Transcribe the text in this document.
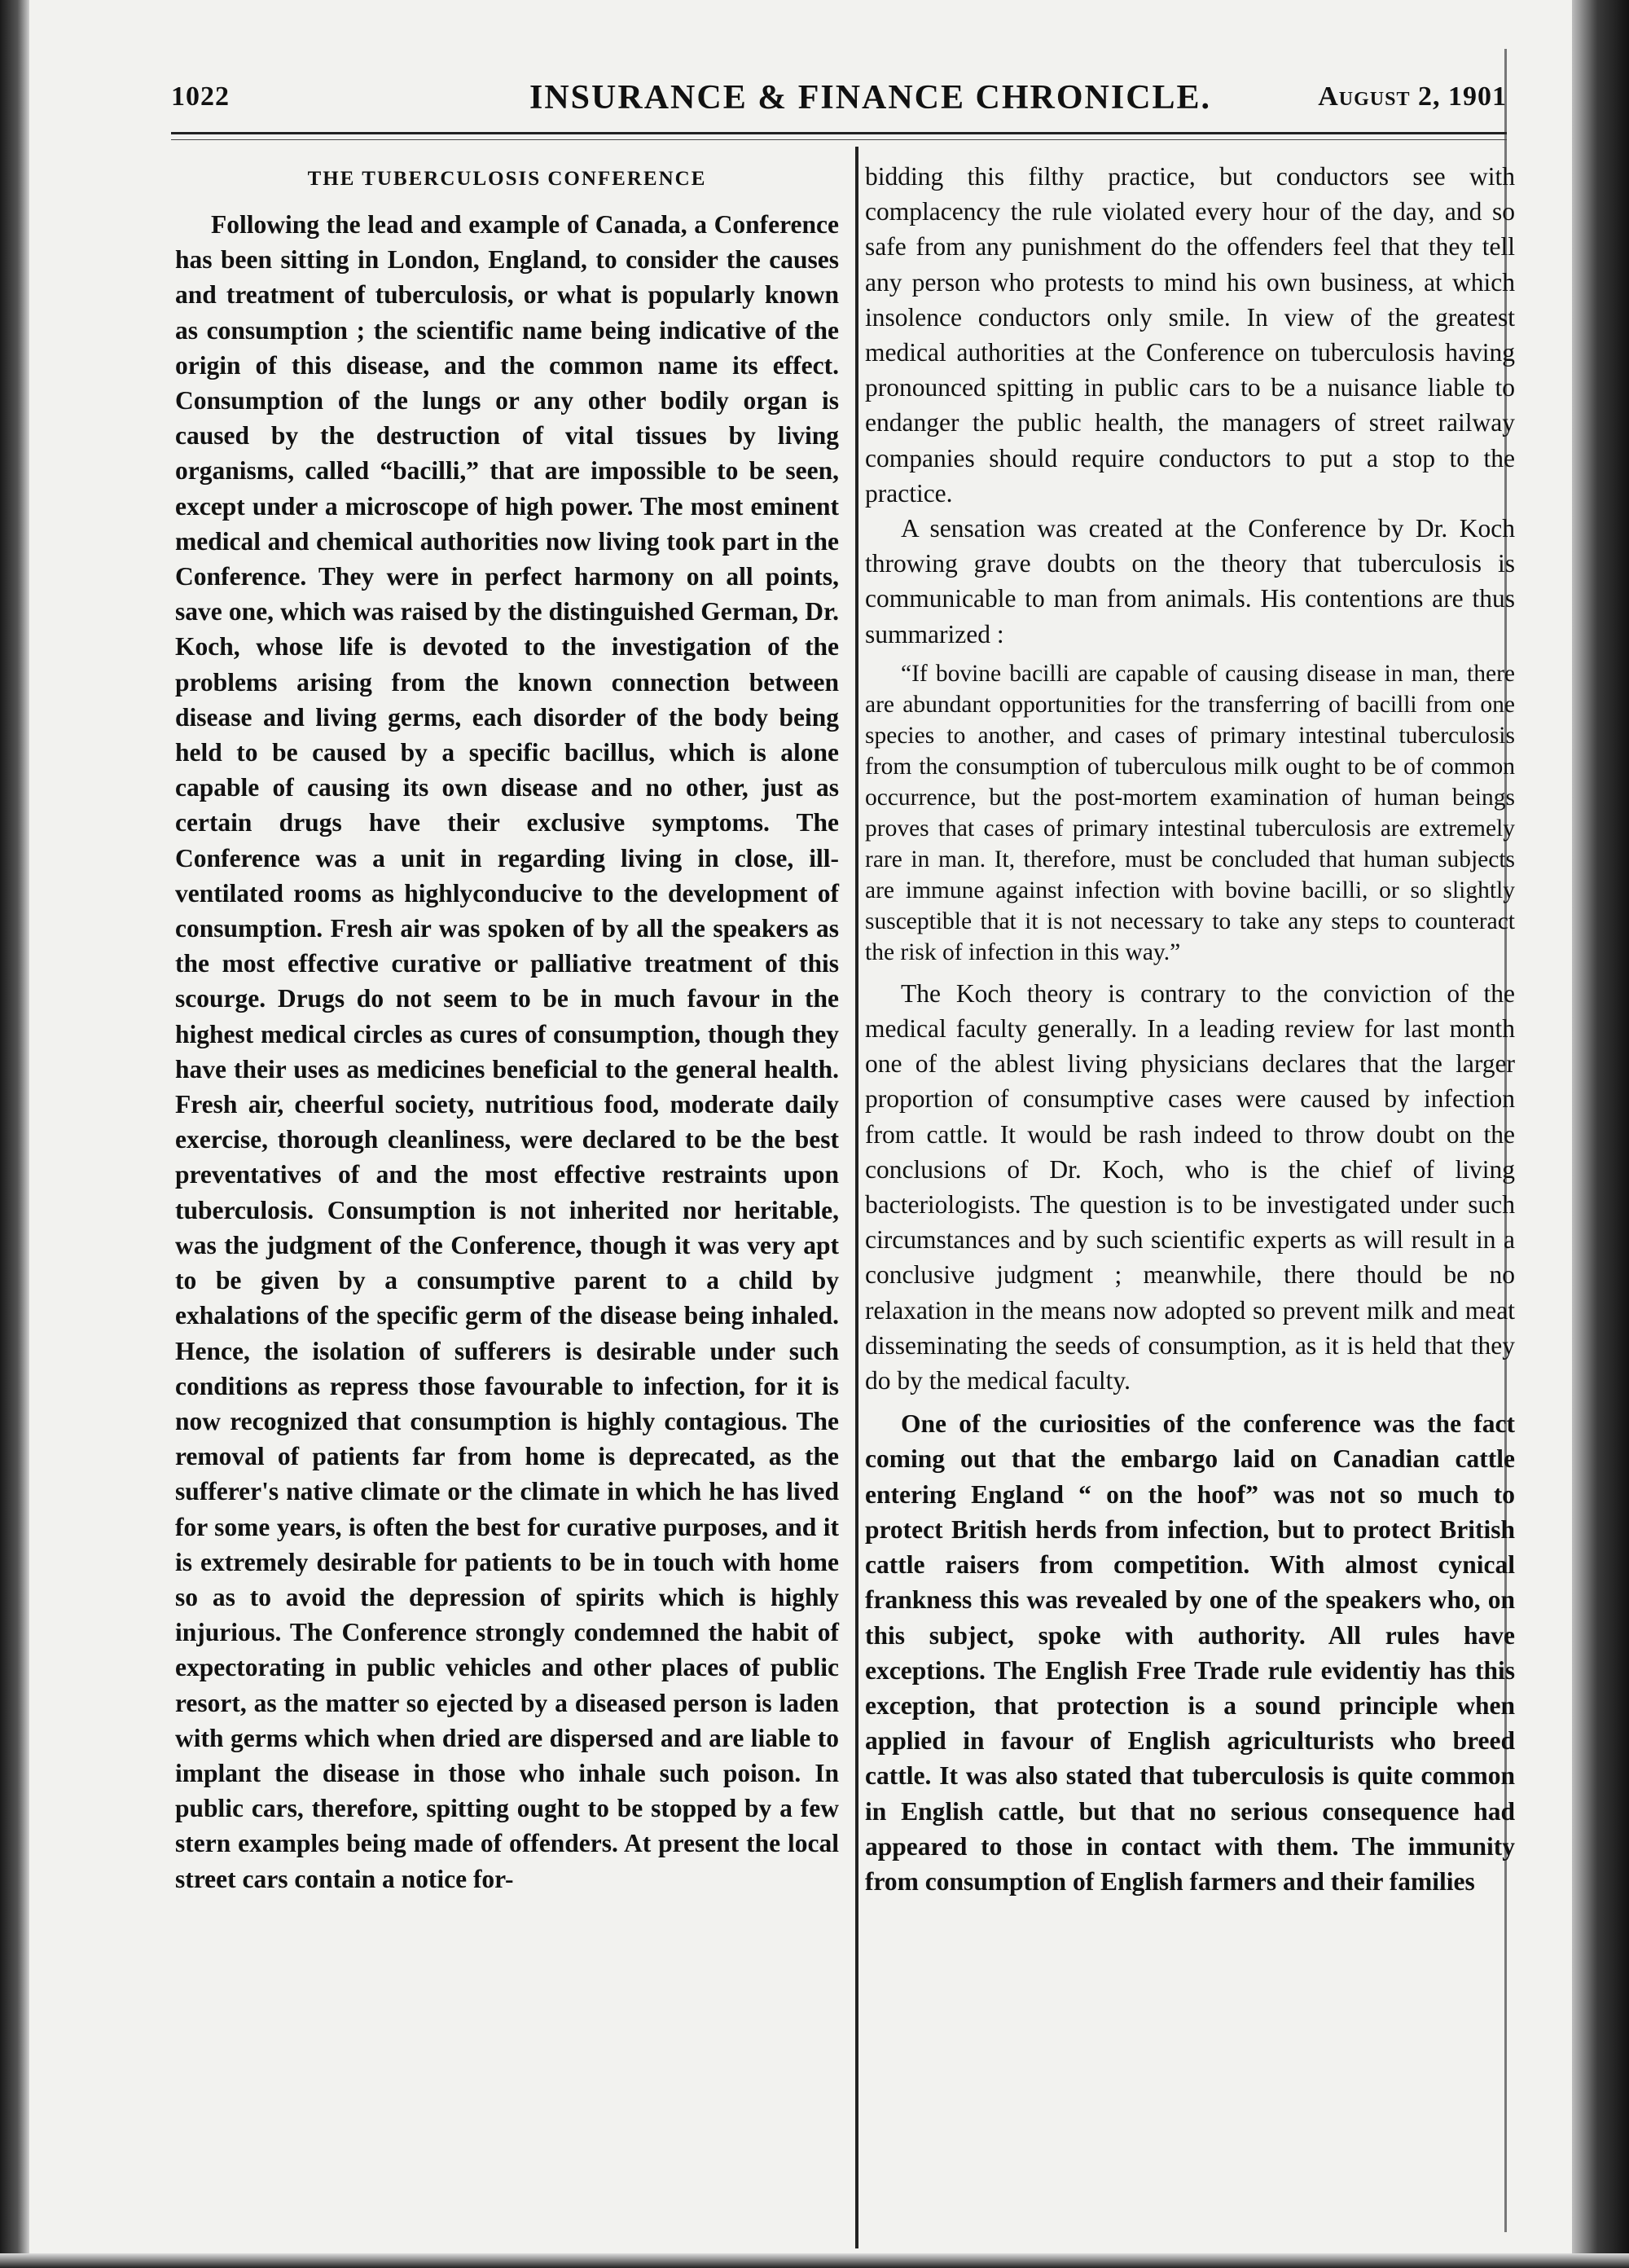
1022	INSURANCE & FINANCE CHRONICLE.	August 2, 1901

THE TUBERCULOSIS CONFERENCE

Following the lead and example of Canada, a Conference has been sitting in London, England, to consider the causes and treatment of tuberculosis, or what is popularly known as consumption ; the scientific name being indicative of the origin of this disease, and the common name its effect. Consumption of the lungs or any other bodily organ is caused by the destruction of vital tissues by living organisms, called “bacilli,” that are impossible to be seen, except under a microscope of high power. The most eminent medical and chemical authorities now living took part in the Conference. They were in perfect harmony on all points, save one, which was raised by the distinguished German, Dr. Koch, whose life is devoted to the investigation of the problems arising from the known connection between disease and living germs, each disorder of the body being held to be caused by a specific bacillus, which is alone capable of causing its own disease and no other, just as certain drugs have their exclusive symptoms. The Conference was a unit in regarding living in close, ill-ventilated rooms as highlyconducive to the development of consumption. Fresh air was spoken of by all the speakers as the most effective curative or palliative treatment of this scourge. Drugs do not seem to be in much favour in the highest medical circles as cures of consumption, though they have their uses as medicines beneficial to the general health. Fresh air, cheerful society, nutritious food, moderate daily exercise, thorough cleanliness, were declared to be the best preventatives of and the most effective restraints upon tuberculosis. Consumption is not inherited nor heritable, was the judgment of the Conference, though it was very apt to be given by a consumptive parent to a child by exhalations of the specific germ of the disease being inhaled. Hence, the isolation of sufferers is desirable under such conditions as repress those favourable to infection, for it is now recognized that consumption is highly contagious. The removal of patients far from home is deprecated, as the sufferer's native climate or the climate in which he has lived for some years, is often the best for curative purposes, and it is extremely desirable for patients to be in touch with home so as to avoid the depression of spirits which is highly injurious. The Conference strongly condemned the habit of expectorating in public vehicles and other places of public resort, as the matter so ejected by a diseased person is laden with germs which when dried are dispersed and are liable to implant the disease in those who inhale such poison. In public cars, therefore, spitting ought to be stopped by a few stern examples being made of offenders. At present the local street cars contain a notice for-

bidding this filthy practice, but conductors see with complacency the rule violated every hour of the day, and so safe from any punishment do the offenders feel that they tell any person who protests to mind his own business, at which insolence conductors only smile. In view of the greatest medical authorities at the Conference on tuberculosis having pronounced spitting in public cars to be a nuisance liable to endanger the public health, the managers of street railway companies should require conductors to put a stop to the practice.

A sensation was created at the Conference by Dr. Koch throwing grave doubts on the theory that tuberculosis is communicable to man from animals. His contentions are thus summarized :

“If bovine bacilli are capable of causing disease in man, there are abundant opportunities for the transferring of bacilli from one species to another, and cases of primary intestinal tuberculosis from the consumption of tuberculous milk ought to be of common occurrence, but the post-mortem examination of human beings proves that cases of primary intestinal tuberculosis are extremely rare in man. It, therefore, must be concluded that human subjects are immune against infection with bovine bacilli, or so slightly susceptible that it is not necessary to take any steps to counteract the risk of infection in this way.”

The Koch theory is contrary to the conviction of the medical faculty generally. In a leading review for last month one of the ablest living physicians declares that the larger proportion of consumptive cases were caused by infection from cattle. It would be rash indeed to throw doubt on the conclusions of Dr. Koch, who is the chief of living bacteriologists. The question is to be investigated under such circumstances and by such scientific experts as will result in a conclusive judgment ; meanwhile, there thould be no relaxation in the means now adopted so prevent milk and meat disseminating the seeds of consumption, as it is held that they do by the medical faculty.

One of the curiosities of the conference was the fact coming out that the embargo laid on Canadian cattle entering England “ on the hoof” was not so much to protect British herds from infection, but to protect British cattle raisers from competition. With almost cynical frankness this was revealed by one of the speakers who, on this subject, spoke with authority. All rules have exceptions. The English Free Trade rule evidentiy has this exception, that protection is a sound principle when applied in favour of English agriculturists who breed cattle. It was also stated that tuberculosis is quite common in English cattle, but that no serious consequence had appeared to those in contact with them. The immunity from consumption of English farmers and their families
